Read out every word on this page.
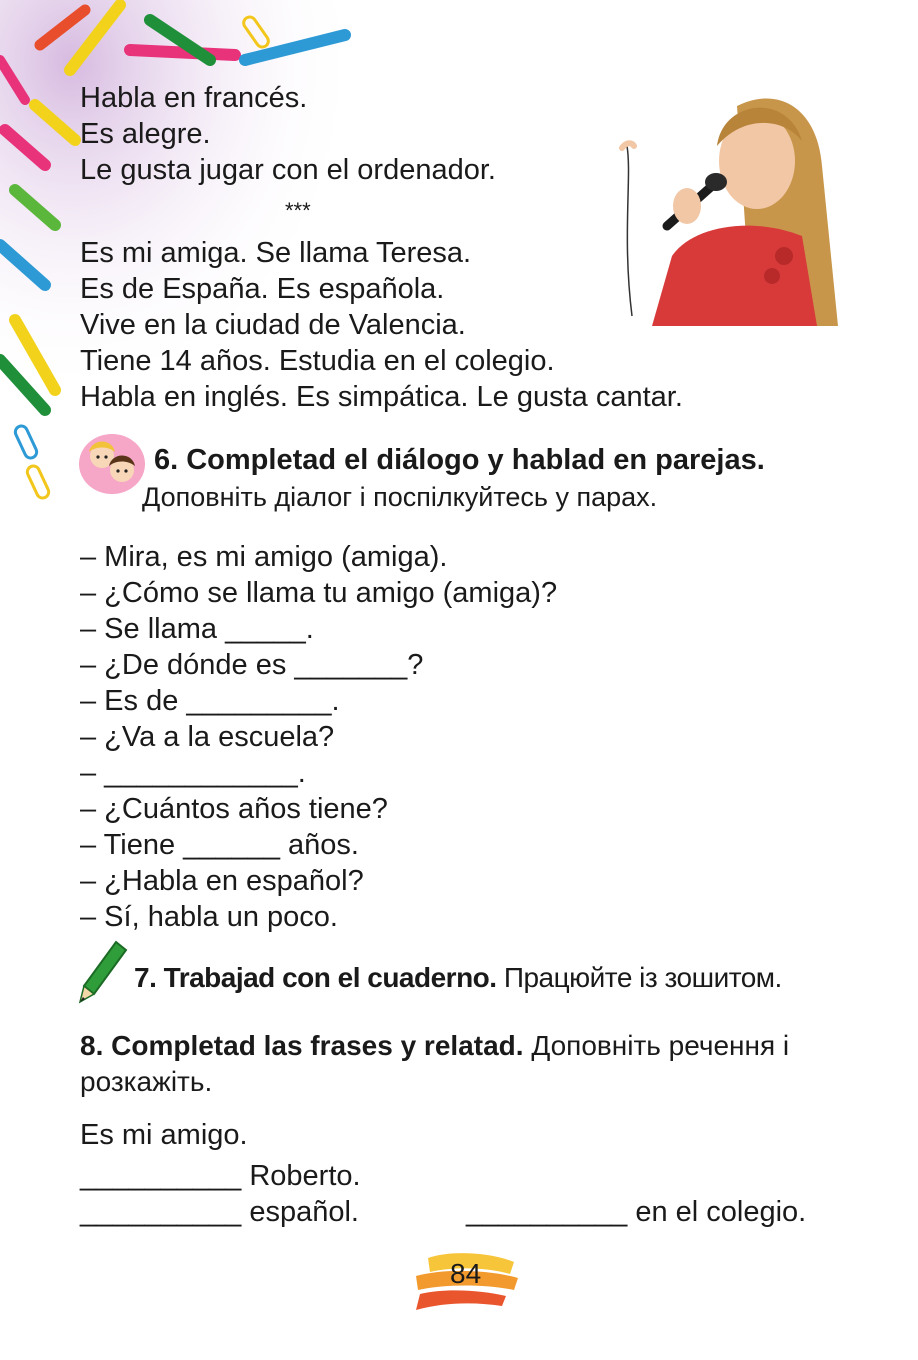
Habla en francés.
Es alegre.
Le gusta jugar con el ordenador.
***
Es mi amiga. Se llama Teresa.
Es de España. Es española.
Vive en la ciudad de Valencia.
Tiene 14 años. Estudia en el colegio.
Habla en inglés. Es simpática. Le gusta cantar.
6. Completad el diálogo y hablad en parejas.
Доповніть діалог і поспілкуйтесь у парах.
– Mira, es mi amigo (amiga).
– ¿Cómo se llama tu amigo (amiga)?
– Se llama _____.
– ¿De dónde es _______?
– Es de _________.
– ¿Va a la escuela?
– ____________.
– ¿Cuántos años tiene?
– Tiene ______ años.
– ¿Habla en español?
– Sí, habla un poco.
7. Trabajad con el cuaderno. Працюйте із зошитом.
8. Completad las frases y relatad. Доповніть речення і розкажіть.
Es mi amigo.
__________ Roberto.
__________ español.	__________ en el colegio.
84
